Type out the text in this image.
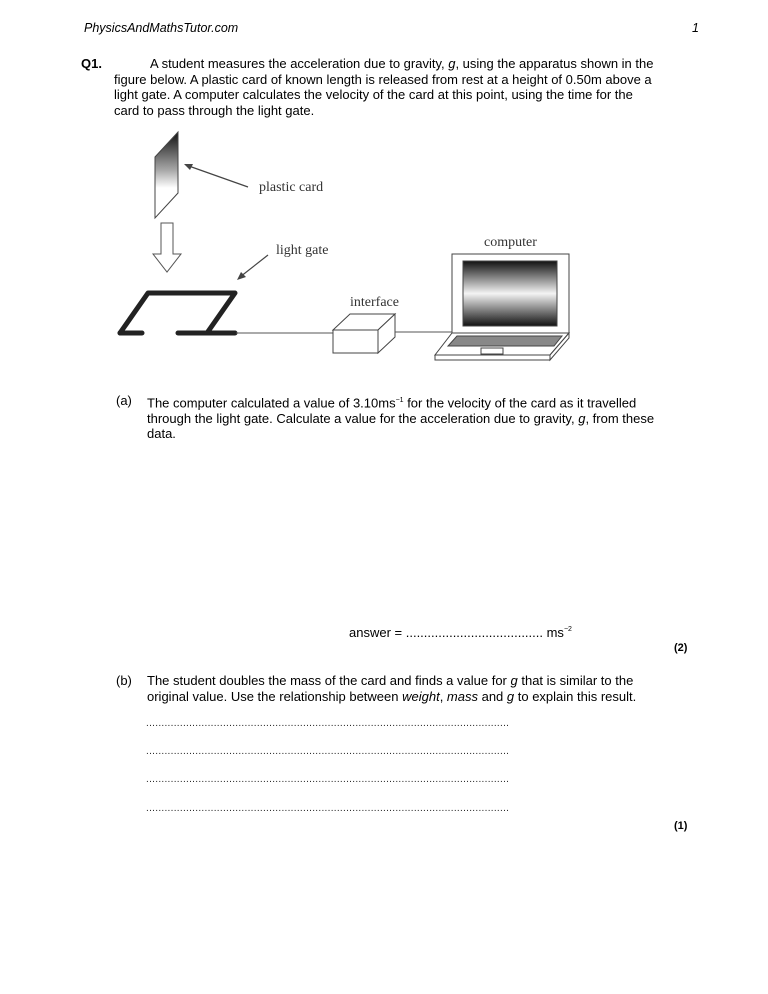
PhysicsAndMathsTutor.com	1
Q1.	A student measures the acceleration due to gravity, g, using the apparatus shown in the figure below. A plastic card of known length is released from rest at a height of 0.50m above a light gate. A computer calculates the velocity of the card at this point, using the time for the card to pass through the light gate.
plastic card
light gate
interface
computer
(a) The computer calculated a value of $3.10ms^{-1}$ for the velocity of the card as it travelled through the light gate. Calculate a value for the acceleration due to gravity, g, from these data.
answer = ...................................... $ms^{-2}$
(2)
(b) The student doubles the mass of the card and finds a value for g that is similar to the original value. Use the relationship between weight, mass and g to explain this result.
......................................................................................................................
......................................................................................................................
......................................................................................................................
......................................................................................................................
(1)
